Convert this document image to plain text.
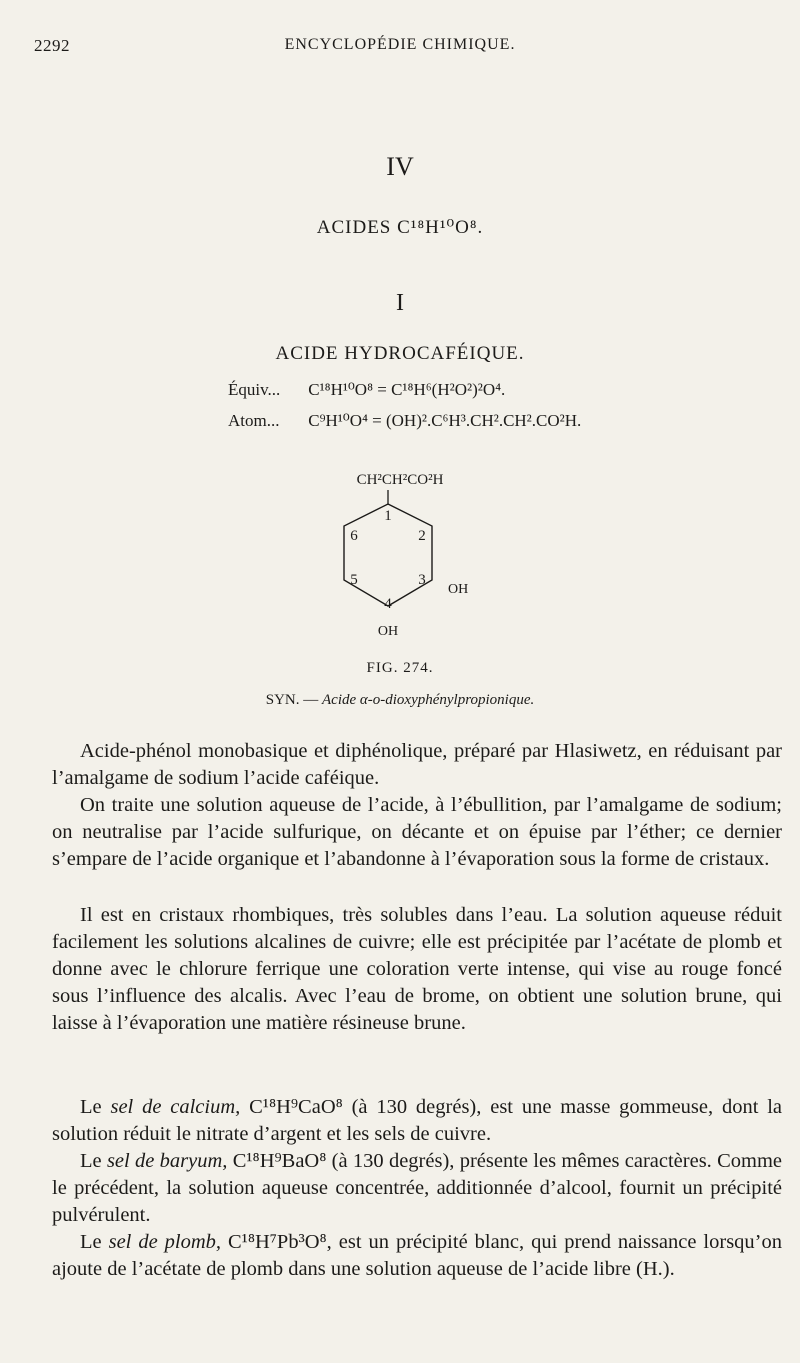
2292	ENCYCLOPÉDIE CHIMIQUE.
IV
ACIDES C¹⁸H¹⁰O⁸.
I
ACIDE HYDROCAFÉIQUE.
Équiv... C¹⁸H¹⁰O⁸ = C¹⁸H⁶(H²O²)²O⁴.
Atom... C⁹H¹⁰O⁴ = (OH)².C⁶H³.CH².CH².CO²H.
CH²CH²CO²H
1
2
3
4
5
6
OH
OH
FIG. 274.
SYN. — Acide α-o-dioxyphénylpropionique.

Acide-phénol monobasique et diphénolique, préparé par Hlasiwetz, en réduisant par l’amalgame de sodium l’acide caféique.

On traite une solution aqueuse de l’acide, à l’ébullition, par l’amalgame de sodium; on neutralise par l’acide sulfurique, on décante et on épuise par l’éther; ce dernier s’empare de l’acide organique et l’abandonne à l’évaporation sous la forme de cristaux.

Il est en cristaux rhombiques, très solubles dans l’eau. La solution aqueuse réduit facilement les solutions alcalines de cuivre; elle est précipitée par l’acétate de plomb et donne avec le chlorure ferrique une coloration verte intense, qui vise au rouge foncé sous l’influence des alcalis. Avec l’eau de brome, on obtient une solution brune, qui laisse à l’évaporation une matière résineuse brune.

Le sel de calcium, C¹⁸H⁹CaO⁸ (à 130 degrés), est une masse gommeuse, dont la solution réduit le nitrate d’argent et les sels de cuivre.

Le sel de baryum, C¹⁸H⁹BaO⁸ (à 130 degrés), présente les mêmes caractères. Comme le précédent, la solution aqueuse concentrée, additionnée d’alcool, fournit un précipité pulvérulent.

Le sel de plomb, C¹⁸H⁷Pb³O⁸, est un précipité blanc, qui prend naissance lorsqu’on ajoute de l’acétate de plomb dans une solution aqueuse de l’acide libre (H.).
